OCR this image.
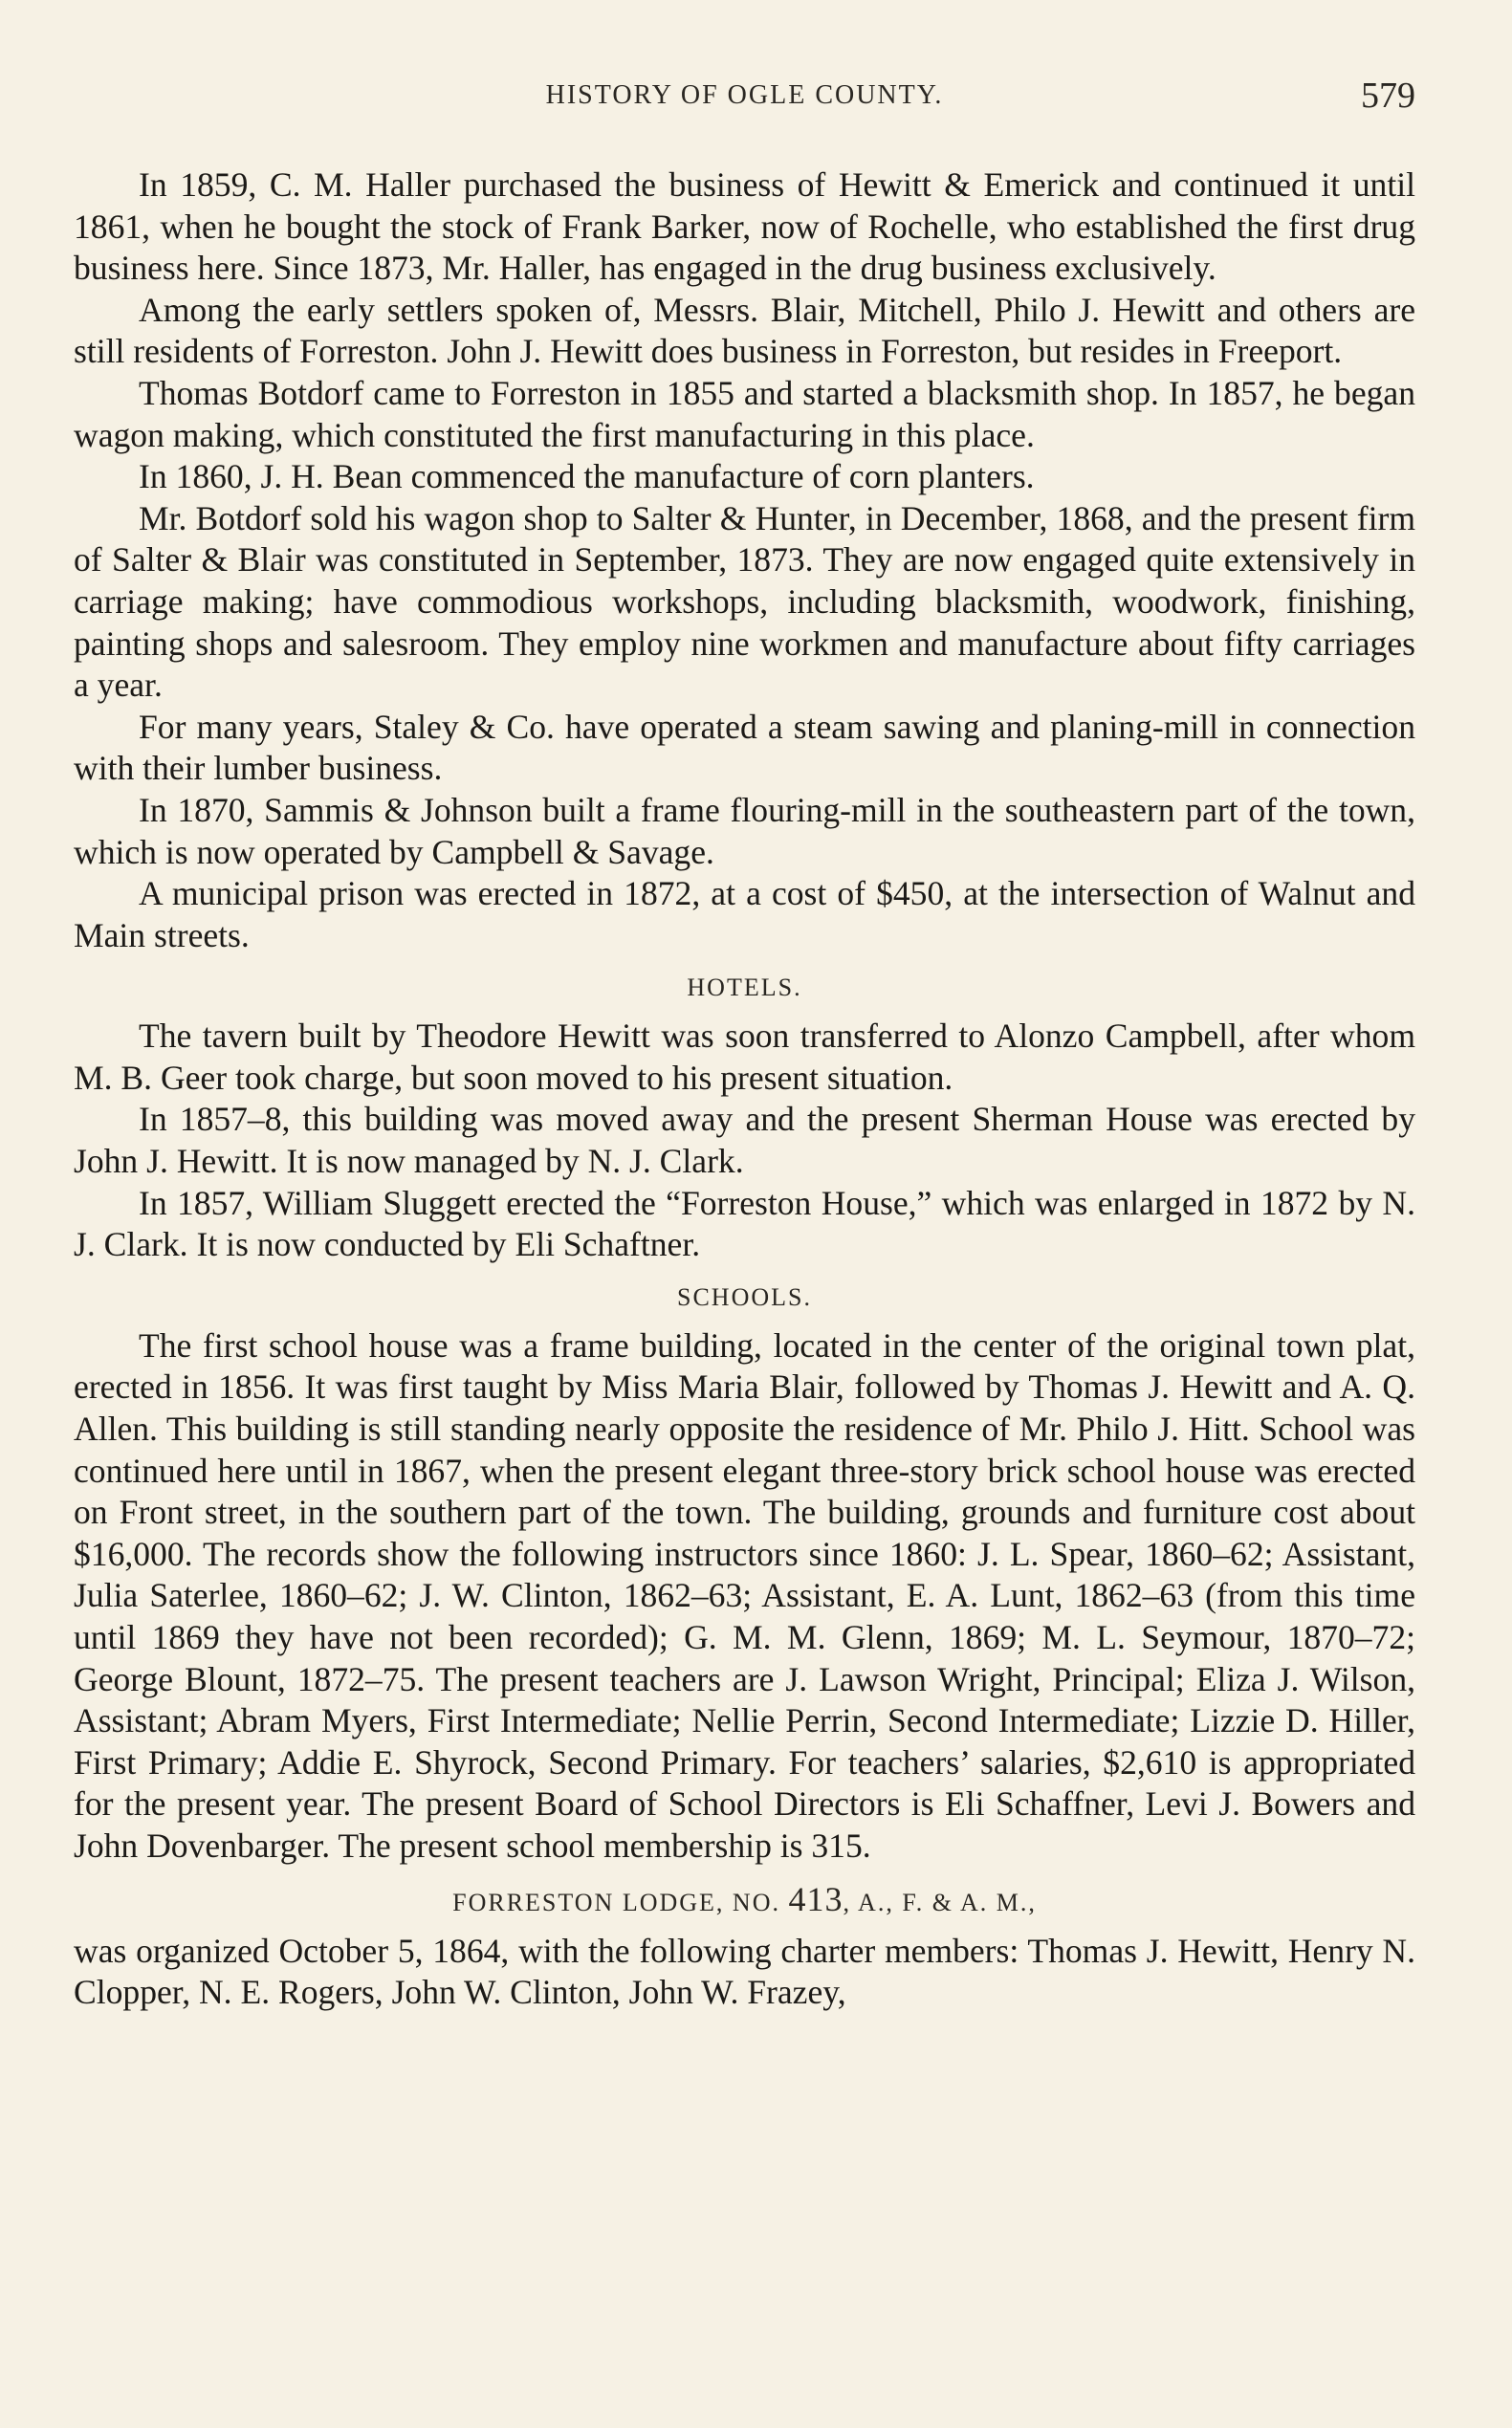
HISTORY OF OGLE COUNTY.	579

In 1859, C. M. Haller purchased the business of Hewitt & Emerick and continued it until 1861, when he bought the stock of Frank Barker, now of Rochelle, who established the first drug business here. Since 1873, Mr. Haller, has engaged in the drug business exclusively.

Among the early settlers spoken of, Messrs. Blair, Mitchell, Philo J. Hewitt and others are still residents of Forreston. John J. Hewitt does business in Forreston, but resides in Freeport.

Thomas Botdorf came to Forreston in 1855 and started a blacksmith shop. In 1857, he began wagon making, which constituted the first manufacturing in this place.

In 1860, J. H. Bean commenced the manufacture of corn planters.

Mr. Botdorf sold his wagon shop to Salter & Hunter, in December, 1868, and the present firm of Salter & Blair was constituted in September, 1873. They are now engaged quite extensively in carriage making; have commodious workshops, including blacksmith, woodwork, finishing, painting shops and salesroom. They employ nine workmen and manufacture about fifty carriages a year.

For many years, Staley & Co. have operated a steam sawing and planing-mill in connection with their lumber business.

In 1870, Sammis & Johnson built a frame flouring-mill in the southeastern part of the town, which is now operated by Campbell & Savage.

A municipal prison was erected in 1872, at a cost of $450, at the intersection of Walnut and Main streets.

HOTELS.

The tavern built by Theodore Hewitt was soon transferred to Alonzo Campbell, after whom M. B. Geer took charge, but soon moved to his present situation.

In 1857–8, this building was moved away and the present Sherman House was erected by John J. Hewitt. It is now managed by N. J. Clark.

In 1857, William Sluggett erected the “Forreston House,” which was enlarged in 1872 by N. J. Clark. It is now conducted by Eli Schaftner.

SCHOOLS.

The first school house was a frame building, located in the center of the original town plat, erected in 1856. It was first taught by Miss Maria Blair, followed by Thomas J. Hewitt and A. Q. Allen. This building is still standing nearly opposite the residence of Mr. Philo J. Hitt. School was continued here until in 1867, when the present elegant three-story brick school house was erected on Front street, in the southern part of the town. The building, grounds and furniture cost about $16,000. The records show the following instructors since 1860: J. L. Spear, 1860–62; Assistant, Julia Saterlee, 1860–62; J. W. Clinton, 1862–63; Assistant, E. A. Lunt, 1862–63 (from this time until 1869 they have not been recorded); G. M. M. Glenn, 1869; M. L. Seymour, 1870–72; George Blount, 1872–75. The present teachers are J. Lawson Wright, Principal; Eliza J. Wilson, Assistant; Abram Myers, First Intermediate; Nellie Perrin, Second Intermediate; Lizzie D. Hiller, First Primary; Addie E. Shyrock, Second Primary. For teachers’ salaries, $2,610 is appropriated for the present year. The present Board of School Directors is Eli Schaffner, Levi J. Bowers and John Dovenbarger. The present school membership is 315.

FORRESTON LODGE, NO. 413, A., F. & A. M.,

was organized October 5, 1864, with the following charter members: Thomas J. Hewitt, Henry N. Clopper, N. E. Rogers, John W. Clinton, John W. Frazey,
